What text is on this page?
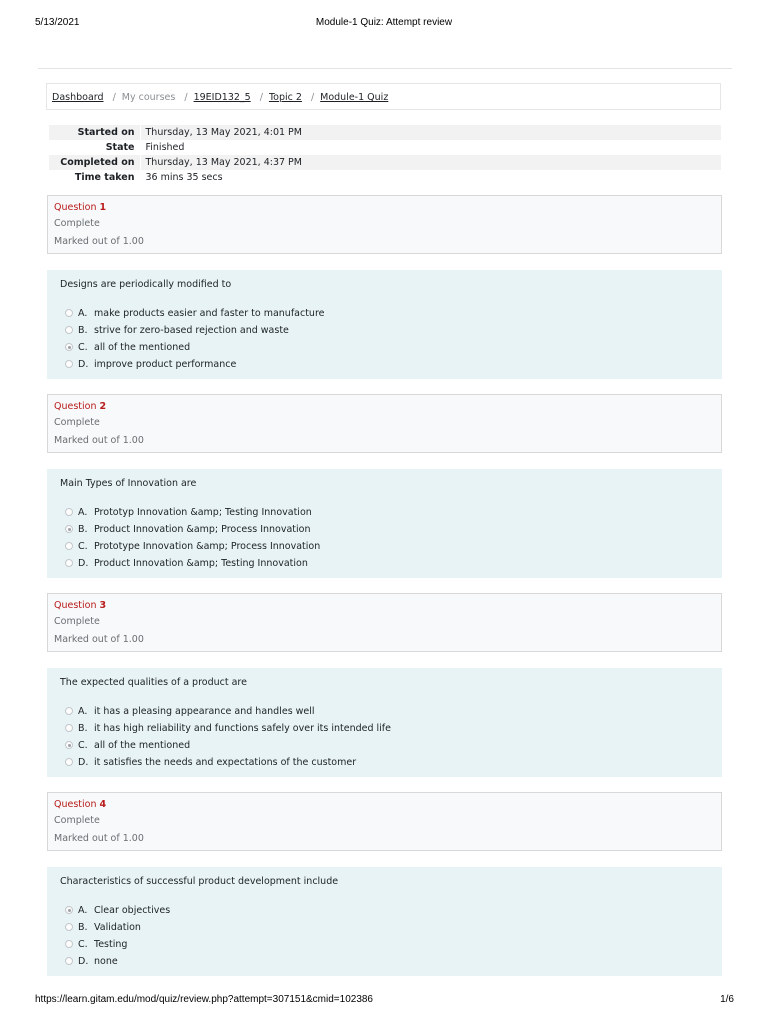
5/13/2021	Module-1 Quiz: Attempt review
Dashboard / My courses / 19EID132_5 / Topic 2 / Module-1 Quiz
Started on	Thursday, 13 May 2021, 4:01 PM
State	Finished
Completed on	Thursday, 13 May 2021, 4:37 PM
Time taken	36 mins 35 secs
Question 1
Complete
Marked out of 1.00
Designs are periodically modified to
A. make products easier and faster to manufacture
B. strive for zero-based rejection and waste
C. all of the mentioned
D. improve product performance
Question 2
Complete
Marked out of 1.00
Main Types of Innovation are
A. Prototyp Innovation &amp; Testing Innovation
B. Product Innovation &amp; Process Innovation
C. Prototype Innovation &amp; Process Innovation
D. Product Innovation &amp; Testing Innovation
Question 3
Complete
Marked out of 1.00
The expected qualities of a product are
A. it has a pleasing appearance and handles well
B. it has high reliability and functions safely over its intended life
C. all of the mentioned
D. it satisfies the needs and expectations of the customer
Question 4
Complete
Marked out of 1.00
Characteristics of successful product development include
A. Clear objectives
B. Validation
C. Testing
D. none
https://learn.gitam.edu/mod/quiz/review.php?attempt=307151&cmid=102386	1/6
